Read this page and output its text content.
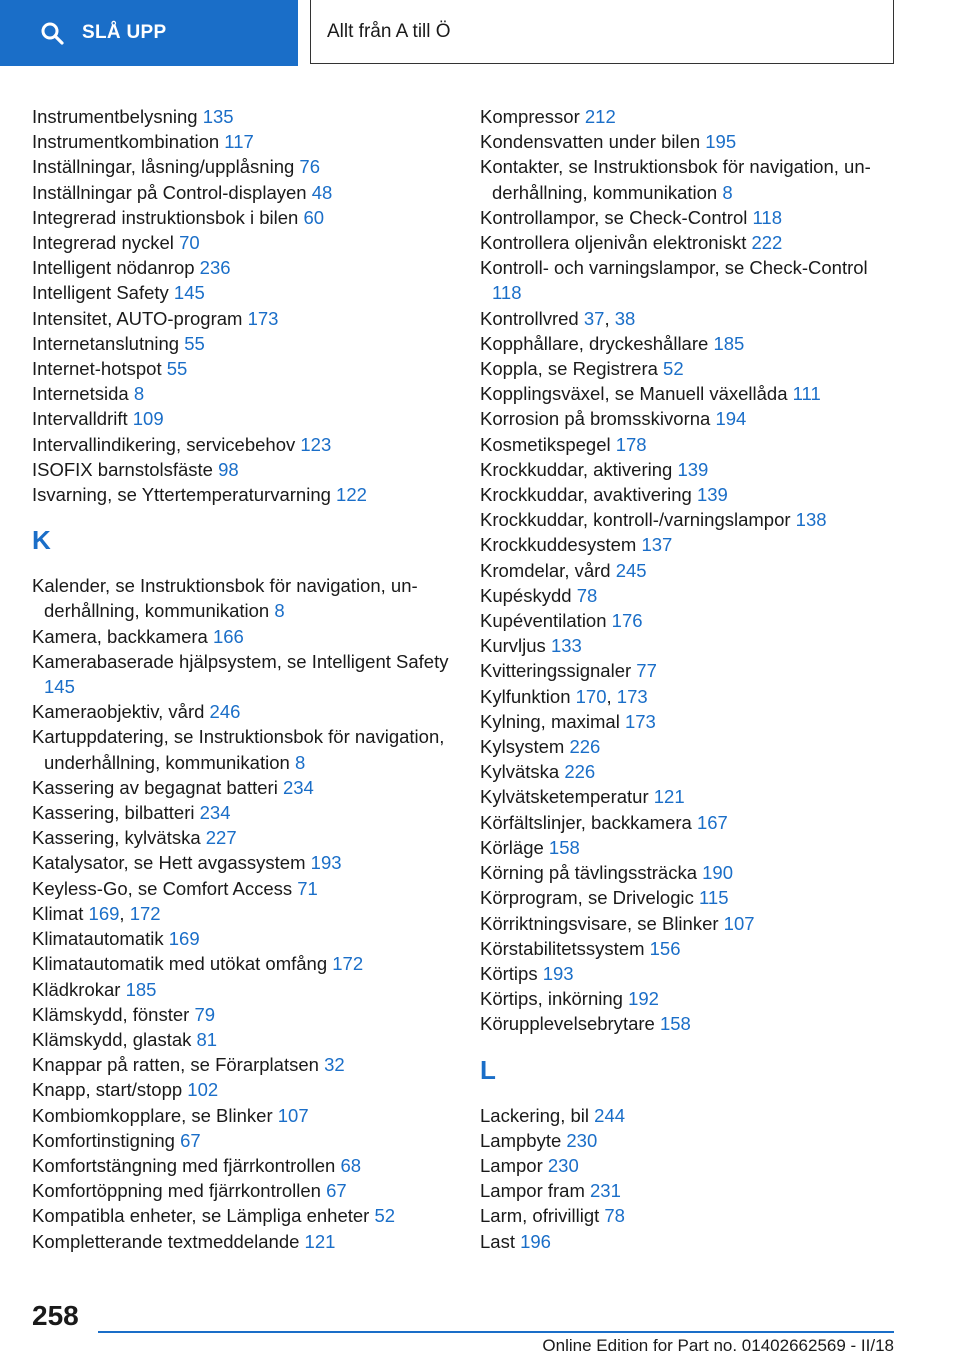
SLÅ UPP	Allt från A till Ö
Instrumentbelysning 135
Instrumentkombination 117
Inställningar, låsning/upplåsning 76
Inställningar på Control-displayen 48
Integrerad instruktionsbok i bilen 60
Integrerad nyckel 70
Intelligent nödanrop 236
Intelligent Safety 145
Intensitet, AUTO-program 173
Internetanslutning 55
Internet-hotspot 55
Internetsida 8
Intervalldrift 109
Intervallindikering, servicebehov 123
ISOFIX barnstolsfäste 98
Isvarning, se Yttertemperaturvarning 122
K
Kalender, se Instruktionsbok för navigation, underhållning, kommunikation 8
Kamera, backkamera 166
Kamerabaserade hjälpsystem, se Intelligent Safety 145
Kameraobjektiv, vård 246
Kartuppdatering, se Instruktionsbok för navigation, underhållning, kommunikation 8
Kassering av begagnat batteri 234
Kassering, bilbatteri 234
Kassering, kylvätska 227
Katalysator, se Hett avgassystem 193
Keyless-Go, se Comfort Access 71
Klimat 169, 172
Klimatautomatik 169
Klimatautomatik med utökat omfång 172
Klädkrokar 185
Klämskydd, fönster 79
Klämskydd, glastak 81
Knappar på ratten, se Förarplatsen 32
Knapp, start/stopp 102
Kombiomkopplare, se Blinker 107
Komfortinstigning 67
Komfortstängning med fjärrkontrollen 68
Komfortöppning med fjärrkontrollen 67
Kompatibla enheter, se Lämpliga enheter 52
Kompletterande textmeddelande 121
Kompressor 212
Kondensvatten under bilen 195
Kontakter, se Instruktionsbok för navigation, underhållning, kommunikation 8
Kontrollampor, se Check-Control 118
Kontrollera oljenivån elektroniskt 222
Kontroll- och varningslampor, se Check-Control 118
Kontrollvred 37, 38
Kopphållare, dryckeshållare 185
Koppla, se Registrera 52
Kopplingsväxel, se Manuell växellåda 111
Korrosion på bromsskivorna 194
Kosmetikspegel 178
Krockkuddar, aktivering 139
Krockkuddar, avaktivering 139
Krockkuddar, kontroll-/varningslampor 138
Krockkuddesystem 137
Kromdelar, vård 245
Kupéskydd 78
Kupéventilation 176
Kurvljus 133
Kvitteringssignaler 77
Kylfunktion 170, 173
Kylning, maximal 173
Kylsystem 226
Kylvätska 226
Kylvätsketemperatur 121
Körfältslinjer, backkamera 167
Körläge 158
Körning på tävlingssträcka 190
Körprogram, se Drivelogic 115
Körriktningsvisare, se Blinker 107
Körstabilitetssystem 156
Körtips 193
Körtips, inkörning 192
Körupplevelsebrytare 158
L
Lackering, bil 244
Lampbyte 230
Lampor 230
Lampor fram 231
Larm, ofrivilligt 78
Last 196
258
Online Edition for Part no. 01402662569 - II/18
